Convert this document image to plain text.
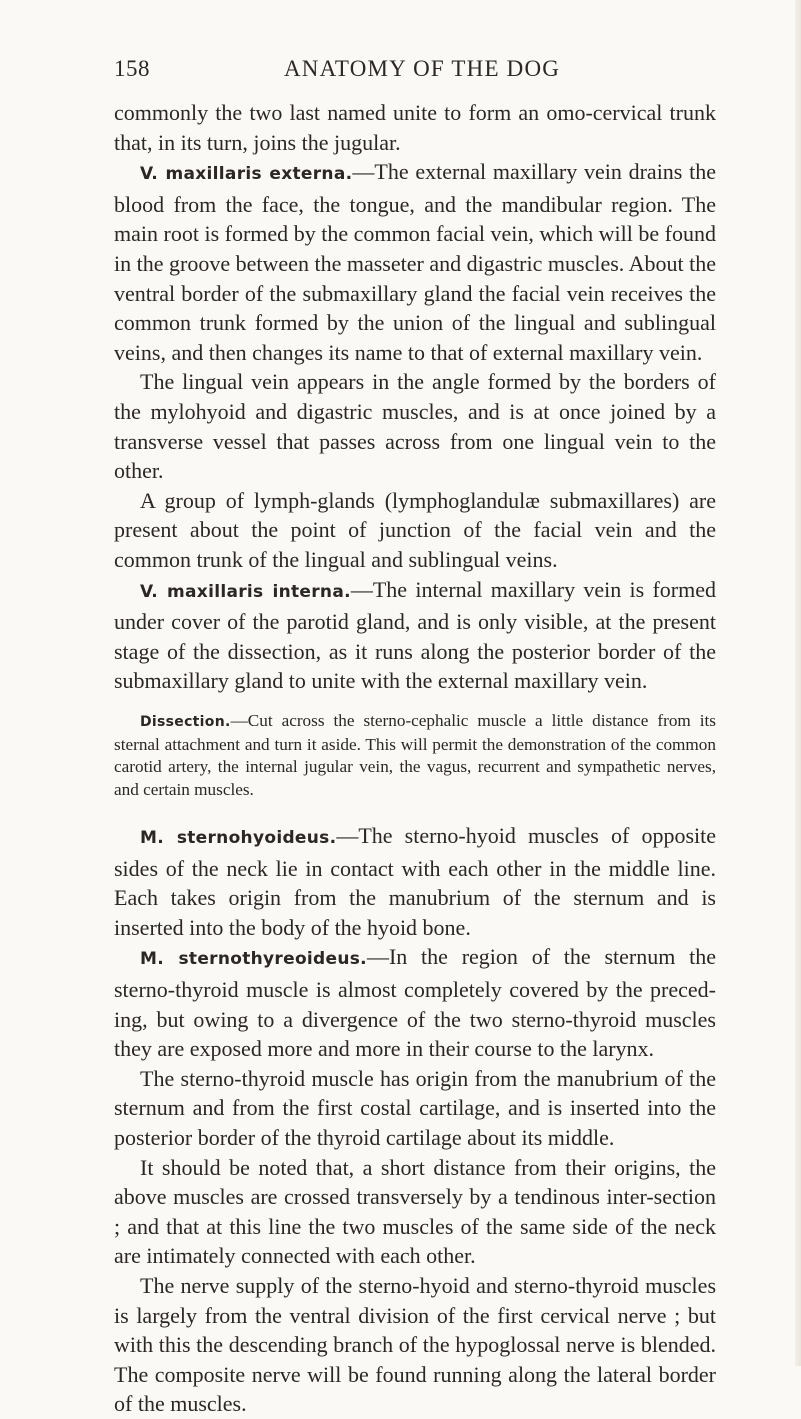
158	ANATOMY OF THE DOG

commonly the two last named unite to form an omo-cervical trunk that, in its turn, joins the jugular.

V. maxillaris externa.—The external maxillary vein drains the blood from the face, the tongue, and the mandibular region. The main root is formed by the common facial vein, which will be found in the groove between the masseter and digastric muscles. About the ventral border of the submaxillary gland the facial vein receives the common trunk formed by the union of the lingual and sublingual veins, and then changes its name to that of external maxillary vein.

The lingual vein appears in the angle formed by the borders of the mylohyoid and digastric muscles, and is at once joined by a transverse vessel that passes across from one lingual vein to the other.

A group of lymph-glands (lymphoglandulæ submaxillares) are present about the point of junction of the facial vein and the common trunk of the lingual and sublingual veins.

V. maxillaris interna.—The internal maxillary vein is formed under cover of the parotid gland, and is only visible, at the present stage of the dissection, as it runs along the posterior border of the submaxillary gland to unite with the external maxillary vein.

Dissection.—Cut across the sterno-cephalic muscle a little distance from its sternal attachment and turn it aside. This will permit the demonstration of the common carotid artery, the internal jugular vein, the vagus, recurrent and sympathetic nerves, and certain muscles.

M. sternohyoideus.—The sterno-hyoid muscles of opposite sides of the neck lie in contact with each other in the middle line. Each takes origin from the manubrium of the sternum and is inserted into the body of the hyoid bone.

M. sternothyreoideus.—In the region of the sternum the sterno-thyroid muscle is almost completely covered by the preced-ing, but owing to a divergence of the two sterno-thyroid muscles they are exposed more and more in their course to the larynx.

The sterno-thyroid muscle has origin from the manubrium of the sternum and from the first costal cartilage, and is inserted into the posterior border of the thyroid cartilage about its middle.

It should be noted that, a short distance from their origins, the above muscles are crossed transversely by a tendinous inter-section ; and that at this line the two muscles of the same side of the neck are intimately connected with each other.

The nerve supply of the sterno-hyoid and sterno-thyroid muscles is largely from the ventral division of the first cervical nerve ; but with this the descending branch of the hypoglossal nerve is blended. The composite nerve will be found running along the lateral border of the muscles.
